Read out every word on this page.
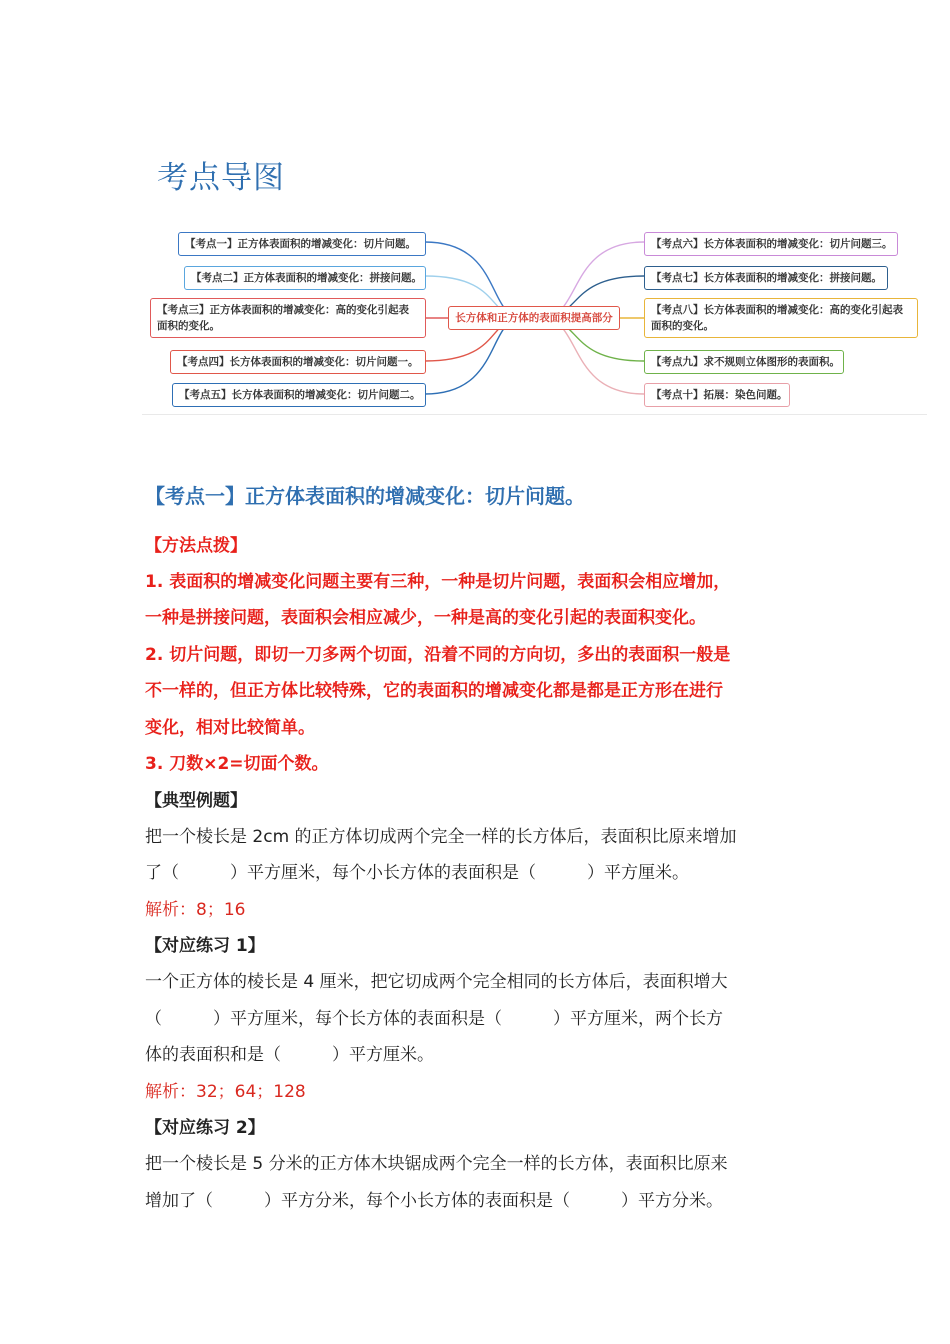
考点导图
【考点一】正方体表面积的增减变化：切片问题。
【考点二】正方体表面积的增减变化：拼接问题。
【考点三】正方体表面积的增减变化：高的变化引起表面积的变化。
【考点四】长方体表面积的增减变化：切片问题一。
【考点五】长方体表面积的增减变化：切片问题二。
长方体和正方体的表面积提高部分
【考点六】长方体表面积的增减变化：切片问题三。
【考点七】长方体表面积的增减变化：拼接问题。
【考点八】长方体表面积的增减变化：高的变化引起表面积的变化。
【考点九】求不规则立体图形的表面积。
【考点十】拓展：染色问题。
【考点一】正方体表面积的增减变化：切片问题。
【方法点拨】
1. 表面积的增减变化问题主要有三种，一种是切片问题，表面积会相应增加，
一种是拼接问题，表面积会相应减少，一种是高的变化引起的表面积变化。
2. 切片问题，即切一刀多两个切面，沿着不同的方向切，多出的表面积一般是
不一样的，但正方体比较特殊，它的表面积的增减变化都是都是正方形在进行
变化，相对比较简单。
3. 刀数×2=切面个数。
【典型例题】
把一个棱长是 2cm 的正方体切成两个完全一样的长方体后，表面积比原来增加
了（　　　）平方厘米，每个小长方体的表面积是（　　　）平方厘米。
解析：8；16
【对应练习 1】
一个正方体的棱长是 4 厘米，把它切成两个完全相同的长方体后，表面积增大
（　　　）平方厘米，每个长方体的表面积是（　　　）平方厘米，两个长方
体的表面积和是（　　　）平方厘米。
解析：32；64；128
【对应练习 2】
把一个棱长是 5 分米的正方体木块锯成两个完全一样的长方体，表面积比原来
增加了（　　　）平方分米，每个小长方体的表面积是（　　　）平方分米。
